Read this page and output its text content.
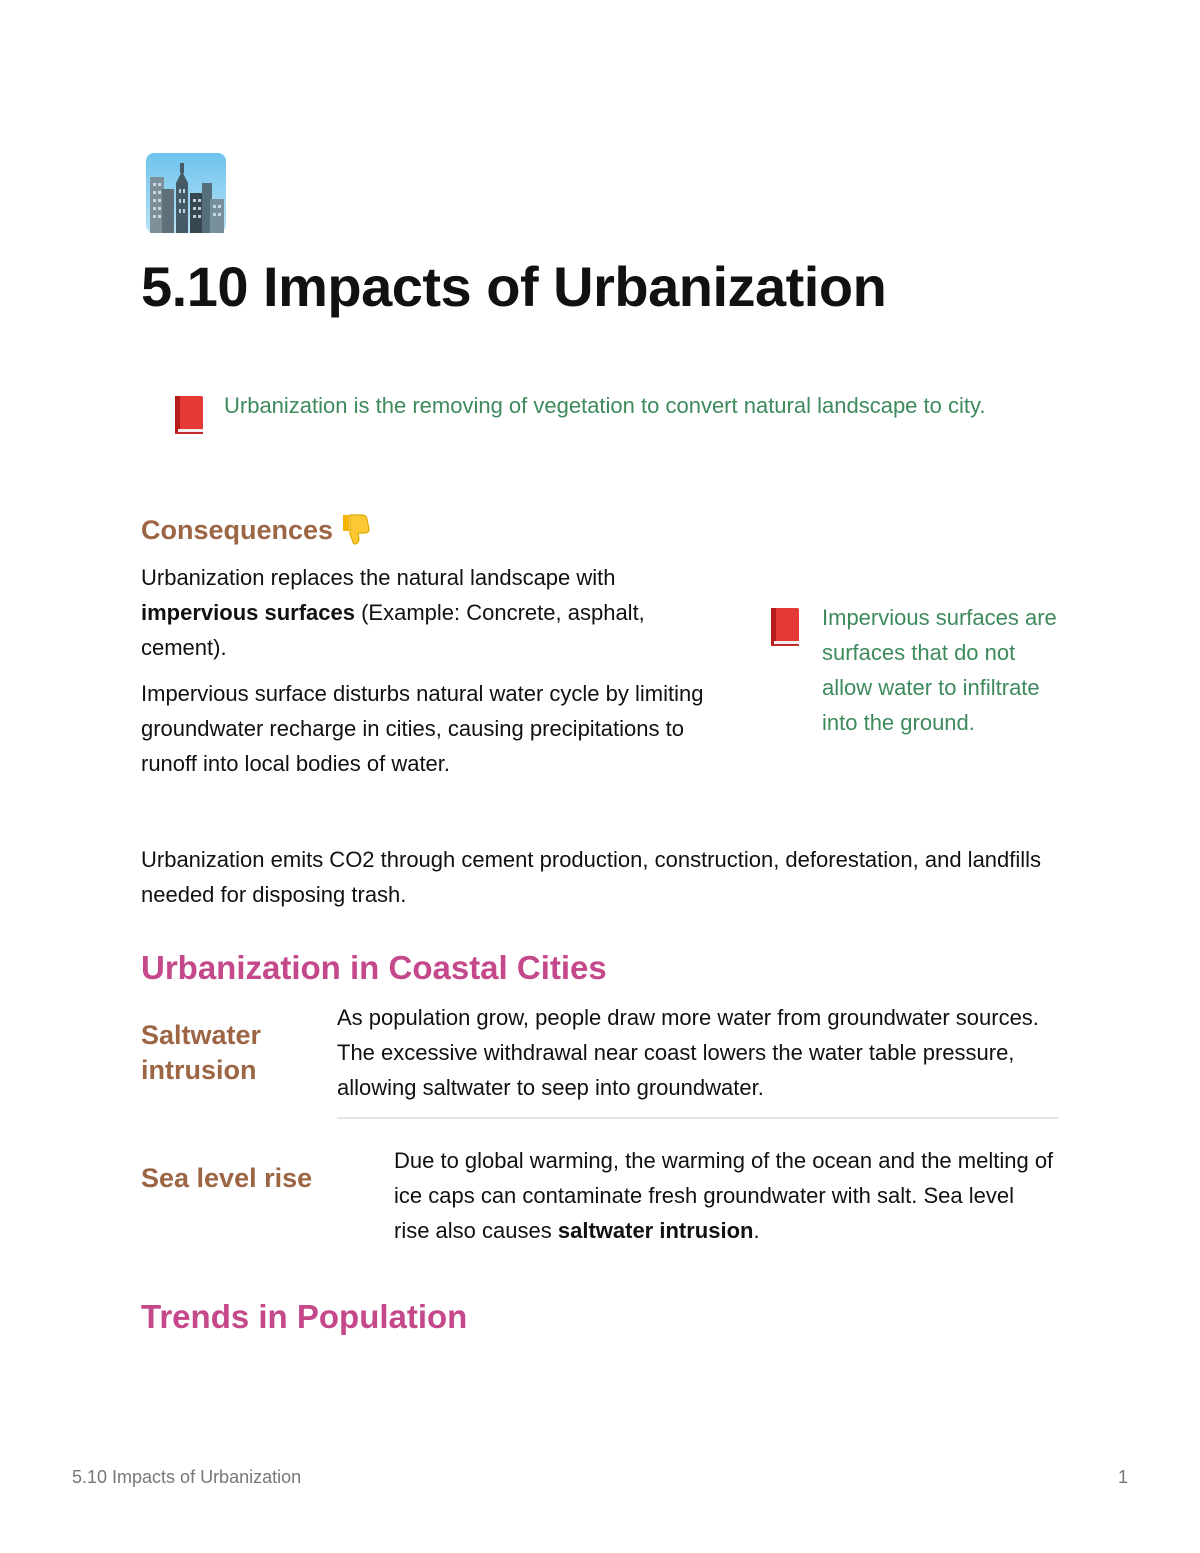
5.10 Impacts of Urbanization
Urbanization is the removing of vegetation to convert natural landscape to city.
Consequences
Urbanization replaces the natural landscape with impervious surfaces (Example: Concrete, asphalt, cement).
Impervious surface disturbs natural water cycle by limiting groundwater recharge in cities, causing precipitations to runoff into local bodies of water.
Impervious surfaces are surfaces that do not allow water to infiltrate into the ground.
Urbanization emits CO2 through cement production, construction, deforestation, and landfills needed for disposing trash.
Urbanization in Coastal Cities
Saltwater intrusion
As population grow, people draw more water from groundwater sources. The excessive withdrawal near coast lowers the water table pressure, allowing saltwater to seep into groundwater.
Sea level rise
Due to global warming, the warming of the ocean and the melting of ice caps can contaminate fresh groundwater with salt. Sea level rise also causes saltwater intrusion.
Trends in Population
5.10 Impacts of Urbanization	1
